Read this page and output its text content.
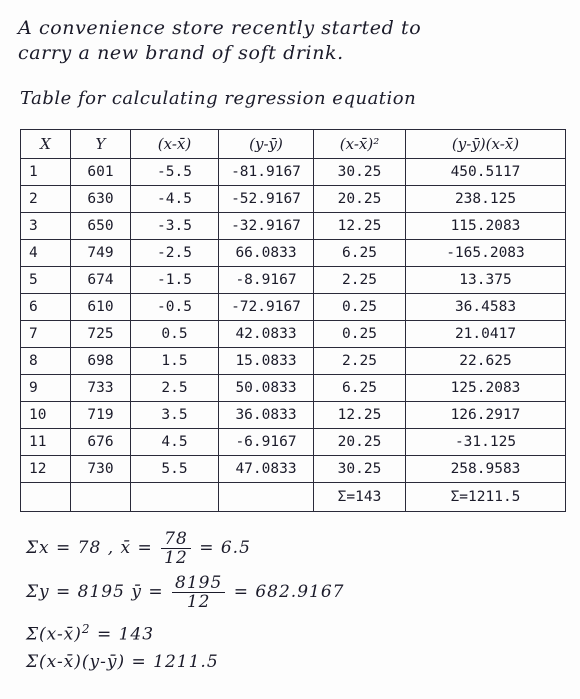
A convenience store recently started to
carry a new brand of soft drink.
Table for calculating regression equation
X	Y	(x-x̄)	(y-ȳ)	(x-x̄)²	(y-ȳ)(x-x̄)
1	601	-5.5	-81.9167	30.25	450.5117
2	630	-4.5	-52.9167	20.25	238.125
3	650	-3.5	-32.9167	12.25	115.2083
4	749	-2.5	66.0833	6.25	-165.2083
5	674	-1.5	-8.9167	2.25	13.375
6	610	-0.5	-72.9167	0.25	36.4583
7	725	0.5	42.0833	0.25	21.0417
8	698	1.5	15.0833	2.25	22.625
9	733	2.5	50.0833	6.25	125.2083
10	719	3.5	36.0833	12.25	126.2917
11	676	4.5	-6.9167	20.25	-31.125
12	730	5.5	47.0833	30.25	258.9583
				Σ=143	Σ=1211.5
Σx = 78 , x̄ = $\frac{78}{12} = 6.5$
Σy = 8195 ȳ = $\frac{8195}{12} = 682.9167$
Σ(x-x̄)$^2$ = 143
Σ(x-x̄)(y-ȳ) = 1211.5
